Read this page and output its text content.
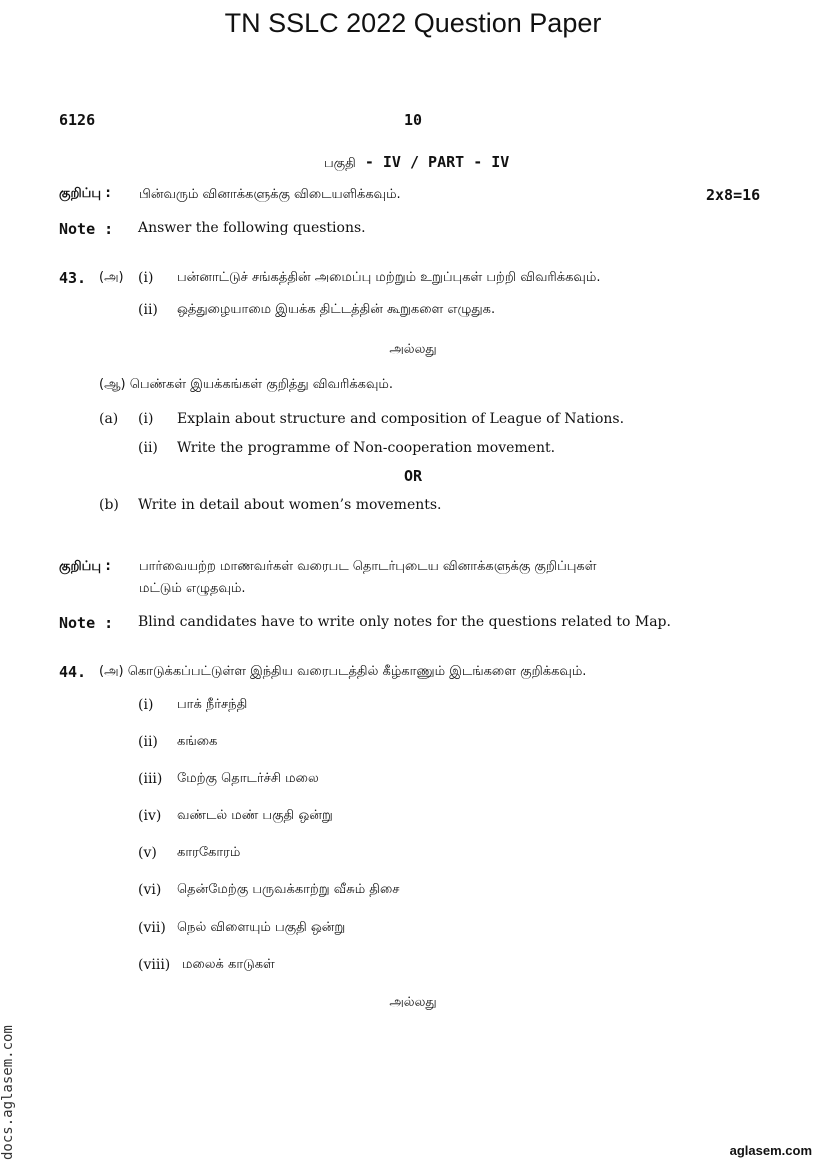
TN SSLC 2022 Question Paper
6126	10
பகுதி - IV / PART - IV
குறிப்பு : பின்வரும் வினாக்களுக்கு விடையளிக்கவும்.	2x8=16
Note : Answer the following questions.
43. (அ) (i) பன்னாட்டுச் சங்கத்தின் அமைப்பு மற்றும் உறுப்புகள் பற்றி விவரிக்கவும்.
(ii) ஒத்துழையாமை இயக்க திட்டத்தின் கூறுகளை எழுதுக.
அல்லது
(ஆ) பெண்கள் இயக்கங்கள் குறித்து விவரிக்கவும்.
(a) (i) Explain about structure and composition of League of Nations.
(ii) Write the programme of Non-cooperation movement.
OR
(b) Write in detail about women’s movements.
குறிப்பு : பார்வையற்ற மாணவர்கள் வரைபட தொடர்புடைய வினாக்களுக்கு குறிப்புகள்
மட்டும் எழுதவும்.
Note : Blind candidates have to write only notes for the questions related to Map.
44. (அ) கொடுக்கப்பட்டுள்ள இந்திய வரைபடத்தில் கீழ்காணும் இடங்களை குறிக்கவும்.
(i) பாக் நீர்சந்தி
(ii) கங்கை
(iii) மேற்கு தொடர்ச்சி மலை
(iv) வண்டல் மண் பகுதி ஒன்று
(v) காரகோரம்
(vi) தென்மேற்கு பருவக்காற்று வீசும் திசை
(vii) நெல் விளையும் பகுதி ஒன்று
(viii) மலைக் காடுகள்
அல்லது
docs.aglasem.com	aglasem.com
